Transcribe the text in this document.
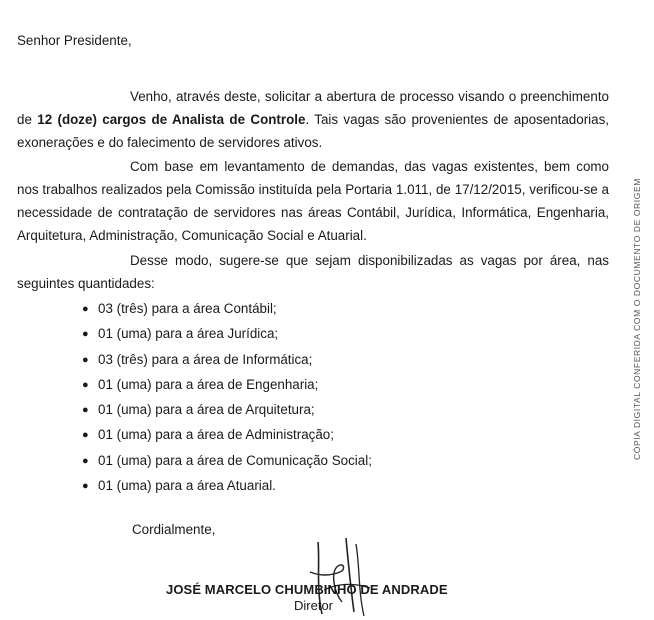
Senhor Presidente,
Venho, através deste, solicitar a abertura de processo visando o preenchimento de 12 (doze) cargos de Analista de Controle. Tais vagas são provenientes de aposentadorias, exonerações e do falecimento de servidores ativos.
Com base em levantamento de demandas, das vagas existentes, bem como nos trabalhos realizados pela Comissão instituída pela Portaria 1.011, de 17/12/2015, verificou-se a necessidade de contratação de servidores nas áreas Contábil, Jurídica, Informática, Engenharia, Arquitetura, Administração, Comunicação Social e Atuarial.
Desse modo, sugere-se que sejam disponibilizadas as vagas por área, nas seguintes quantidades:
● 03 (três) para a área Contábil;
● 01 (uma) para a área Jurídica;
● 03 (três) para a área de Informática;
● 01 (uma) para a área de Engenharia;
● 01 (uma) para a área de Arquitetura;
● 01 (uma) para a área de Administração;
● 01 (uma) para a área de Comunicação Social;
● 01 (uma) para a área Atuarial.
Cordialmente,
JOSÉ MARCELO CHUMBINHO DE ANDRADE
Diretor
CÓPIA DIGITAL CONFERIDA COM O DOCUMENTO DE ORIGEM
